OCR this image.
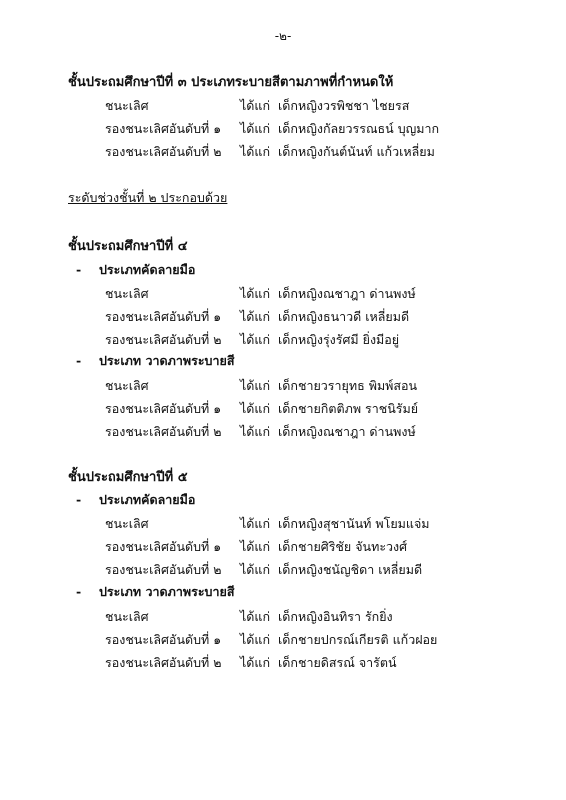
-๒-
ชั้นประถมศึกษาปีที่ ๓ ประเภทระบายสีตามภาพที่กำหนดให้
ชนะเลิศ	ได้แก่ เด็กหญิงวรพิชชา ไชยรส
รองชนะเลิศอันดับที่ ๑ ได้แก่ เด็กหญิงกัลยวรรณธน์ บุญมาก
รองชนะเลิศอันดับที่ ๒ ได้แก่ เด็กหญิงกันต์นันท์ แก้วเหลี่ยม
ระดับช่วงชั้นที่ ๒ ประกอบด้วย
ชั้นประถมศึกษาปีที่ ๔
- ประเภทคัดลายมือ
ชนะเลิศ	ได้แก่ เด็กหญิงณชาฎา ด่านพงษ์
รองชนะเลิศอันดับที่ ๑ ได้แก่ เด็กหญิงธนาวดี เหลี่ยมดี
รองชนะเลิศอันดับที่ ๒ ได้แก่ เด็กหญิงรุ่งรัศมี ยิ่งมีอยู่
- ประเภท วาดภาพระบายสี
ชนะเลิศ	ได้แก่ เด็กชายวรายุทธ พิมพ์สอน
รองชนะเลิศอันดับที่ ๑ ได้แก่ เด็กชายกิตติภพ ราชนิรัมย์
รองชนะเลิศอันดับที่ ๒ ได้แก่ เด็กหญิงณชาฎา ด่านพงษ์
ชั้นประถมศึกษาปีที่ ๕
- ประเภทคัดลายมือ
ชนะเลิศ	ได้แก่ เด็กหญิงสุชานันท์ พโยมแจ่ม
รองชนะเลิศอันดับที่ ๑ ได้แก่ เด็กชายศิริชัย จันทะวงศ์
รองชนะเลิศอันดับที่ ๒ ได้แก่ เด็กหญิงชนัญชิดา เหลี่ยมดี
- ประเภท วาดภาพระบายสี
ชนะเลิศ	ได้แก่ เด็กหญิงอินทิรา รักยิ่ง
รองชนะเลิศอันดับที่ ๑ ได้แก่ เด็กชายปกรณ์เกียรติ แก้วฝอย
รองชนะเลิศอันดับที่ ๒ ได้แก่ เด็กชายดิสรณ์ จารัตน์
